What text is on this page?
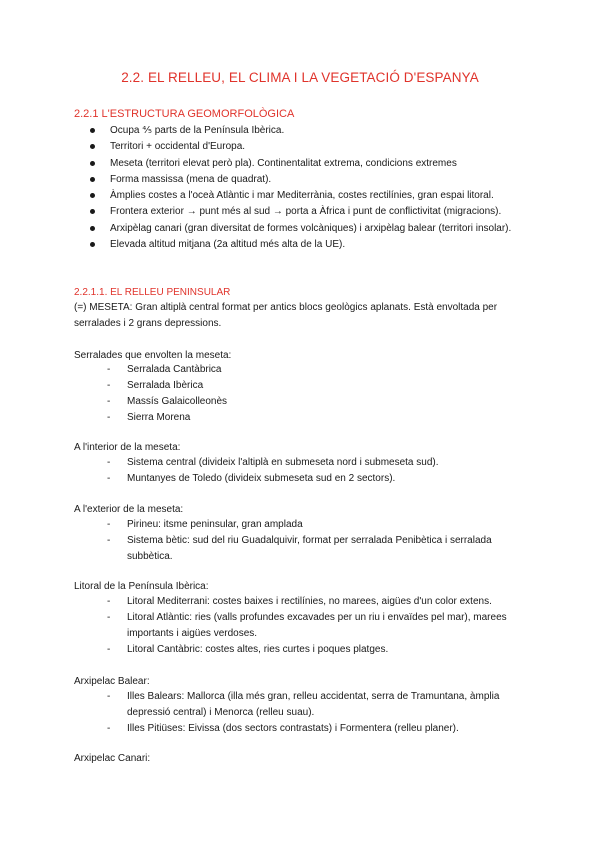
2.2. EL RELLEU, EL CLIMA I LA VEGETACIÓ D'ESPANYA
2.2.1 L'ESTRUCTURA GEOMORFOLÒGICA
Ocupa ⅘ parts de la Península Ibèrica.
Territori + occidental d'Europa.
Meseta (territori elevat però pla). Continentalitat extrema, condicions extremes
Forma massissa (mena de quadrat).
Àmplies costes a l'oceà Atlàntic i mar Mediterrània, costes rectilínies, gran espai litoral.
Frontera exterior → punt més al sud → porta a Àfrica i punt de conflictivitat (migracions).
Arxipèlag canari (gran diversitat de formes volcàniques) i arxipèlag balear (territori insolar).
Elevada altitud mitjana (2a altitud més alta de la UE).
2.2.1.1. EL RELLEU PENINSULAR
(=) MESETA: Gran altiplà central format per antics blocs geològics aplanats. Està envoltada per serralades i 2 grans depressions.
Serralades que envolten la meseta:
- Serralada Cantàbrica
- Serralada Ibèrica
- Massís Galaicolleonès
- Sierra Morena
A l'interior de la meseta:
- Sistema central (divideix l'altiplà en submeseta nord i submeseta sud).
- Muntanyes de Toledo (divideix submeseta sud en 2 sectors).
A l'exterior de la meseta:
- Pirineu: itsme peninsular, gran amplada
- Sistema bètic: sud del riu Guadalquivir, format per serralada Penibètica i serralada subbètica.
Litoral de la Península Ibèrica:
- Litoral Mediterrani: costes baixes i rectilínies, no marees, aigües d'un color extens.
- Litoral Atlàntic: ries (valls profundes excavades per un riu i envaïdes pel mar), marees importants i aigües verdoses.
- Litoral Cantàbric: costes altes, ries curtes i poques platges.
Arxipelac Balear:
- Illes Balears: Mallorca (illa més gran, relleu accidentat, serra de Tramuntana, àmplia depressió central) i Menorca (relleu suau).
- Illes Pitiüses: Eivissa (dos sectors contrastats) i Formentera (relleu planer).
Arxipelac Canari:
